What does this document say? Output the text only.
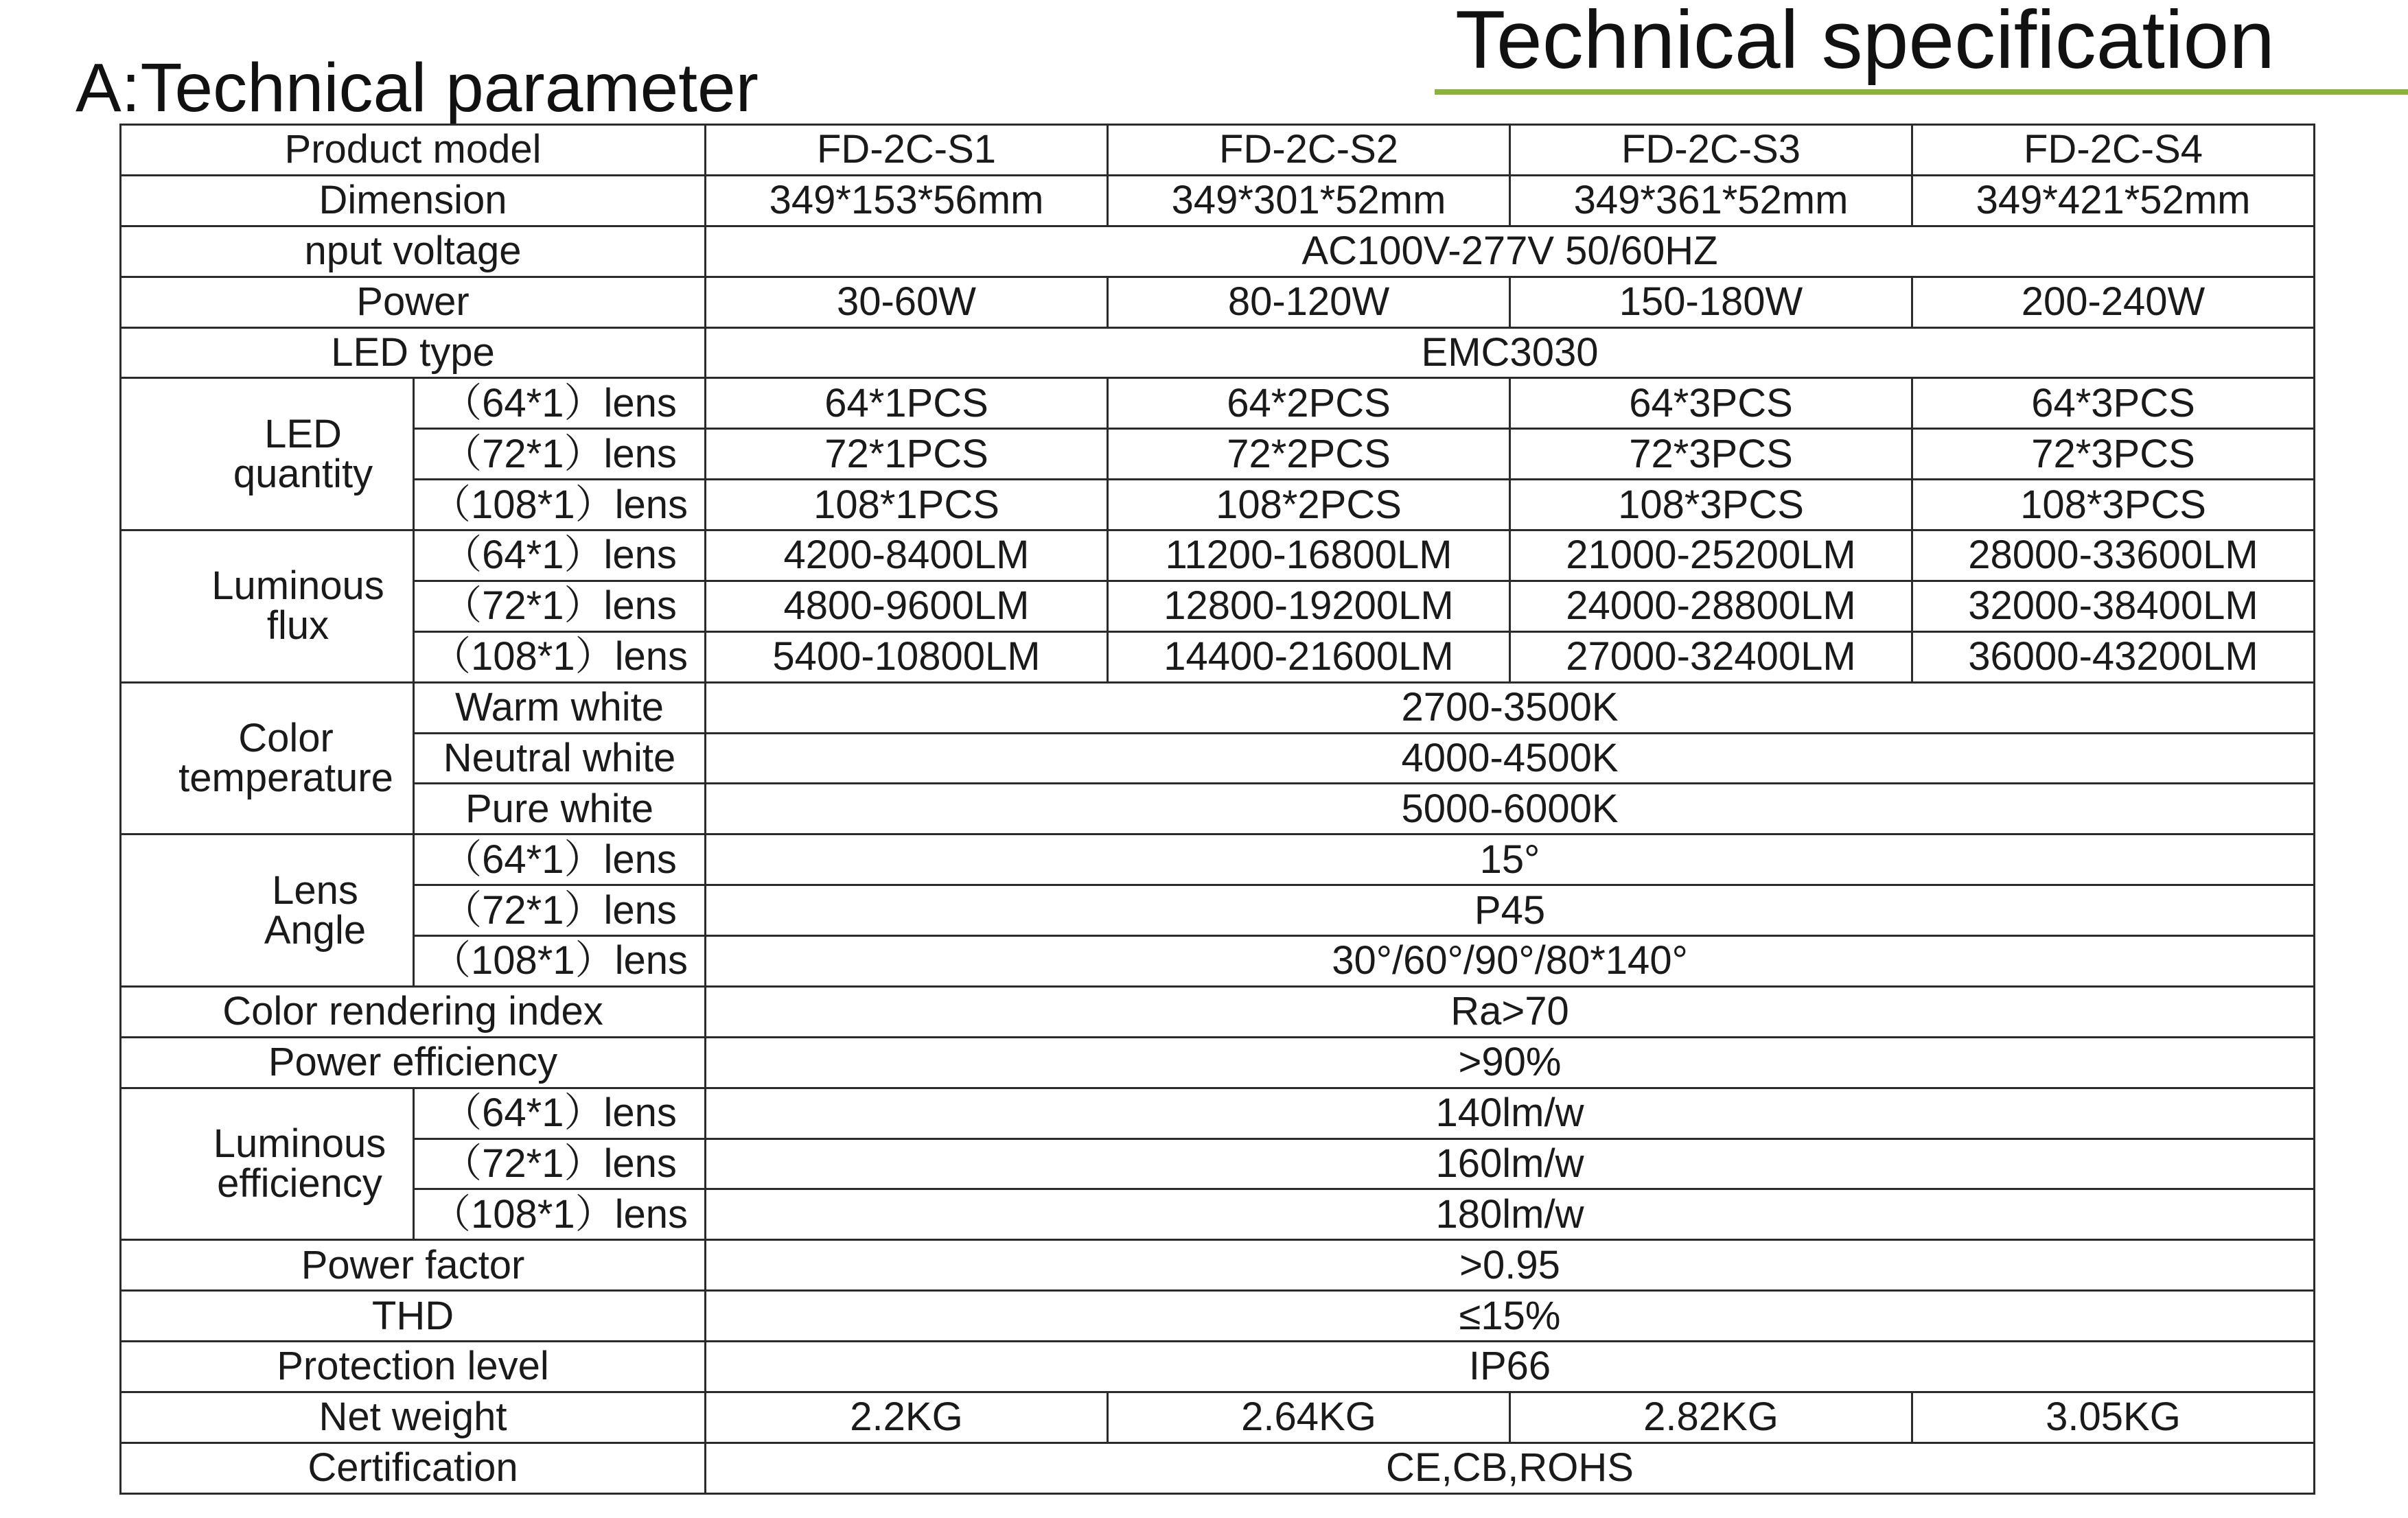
Technical specification
A:Technical parameter
Product model		FD-2C-S1	FD-2C-S2	FD-2C-S3	FD-2C-S4
Dimension		349*153*56mm	349*301*52mm	349*361*52mm	349*421*52mm
nput voltage		AC100V-277V 50/60HZ			
Power		30-60W	80-120W	150-180W	200-240W
LED type		EMC3030			
LED
quantity	（64*1）lens	64*1PCS	64*2PCS	64*3PCS	64*3PCS
	（72*1）lens	72*1PCS	72*2PCS	72*3PCS	72*3PCS
	（108*1）lens	108*1PCS	108*2PCS	108*3PCS	108*3PCS
Luminous
flux	（64*1）lens	4200-8400LM	11200-16800LM	21000-25200LM	28000-33600LM
	（72*1）lens	4800-9600LM	12800-19200LM	24000-28800LM	32000-38400LM
	（108*1）lens	5400-10800LM	14400-21600LM	27000-32400LM	36000-43200LM
Color
temperature	Warm white	2700-3500K			
	Neutral white	4000-4500K			
	Pure white	5000-6000K			
Lens
Angle	（64*1）lens	15°			
	（72*1）lens	P45			
	（108*1）lens	30°/60°/90°/80*140°			
Color rendering index		Ra>70			
Power efficiency		>90%			
Luminous
efficiency	（64*1）lens	140lm/w			
	（72*1）lens	160lm/w			
	（108*1）lens	180lm/w			
Power factor		>0.95			
THD		≤15%			
Protection level		IP66			
Net weight		2.2KG	2.64KG	2.82KG	3.05KG
Certification		CE,CB,ROHS			
